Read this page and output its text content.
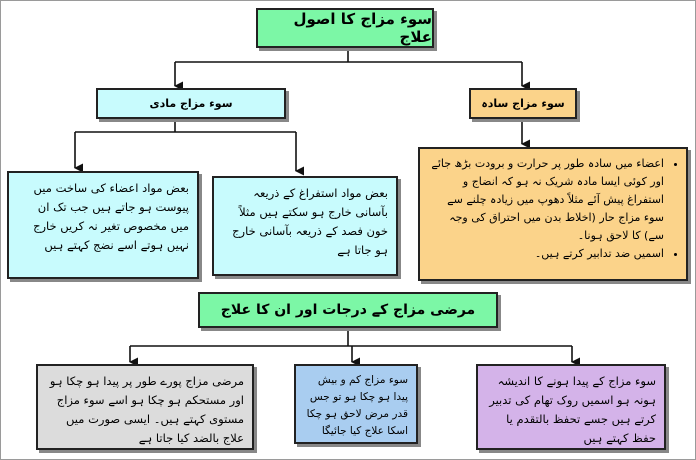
سوء مزاج کا اصول علاج
سوء مزاج مادی	سوء مزاج سادہ

بعض مواد اعضاء کی ساخت میں پیوست ہو جاتے ہیں جب تک ان میں مخصوص تغیر نہ کریں خارج نہیں ہوتے اسے نضج کہتے ہیں

بعض مواد استفراغ کے ذریعہ بآسانی خارج ہو سکتے ہیں مثلاً خون فصد کے ذریعہ بآسانی خارج ہو جاتا ہے

• اعضاء میں سادہ طور پر حرارت و برودت بڑھ جائے اور کوئی ایسا مادہ شریک نہ ہو کہ انضاج و استفراغ پیش آئے مثلاً دھوپ میں زیادہ چلنے سے سوء مزاج حار (اخلاط بدن میں احتراق کی وجہ سے) کا لاحق ہونا۔
• اسمیں ضد تدابیر کرتے ہیں۔
مرضی مزاج کے درجات اور ان کا علاج

مرضی مزاج پورے طور پر پیدا ہو چکا ہو اور مستحکم ہو چکا ہو اسے سوء مزاج مستوی کہتے ہیں۔ ایسی صورت میں علاج بالضد کیا جاتا ہے

سوء مزاج کم و بیش پیدا ہو چکا ہو تو جس قدر مرض لاحق ہو چکا اسکا علاج کیا جائیگا

سوء مزاج کے پیدا ہونے کا اندیشہ ہونہ ہو اسمیں روک تھام کی تدبیر کرتے ہیں جسے تحفظ بالتقدم یا حفظ کہتے ہیں
